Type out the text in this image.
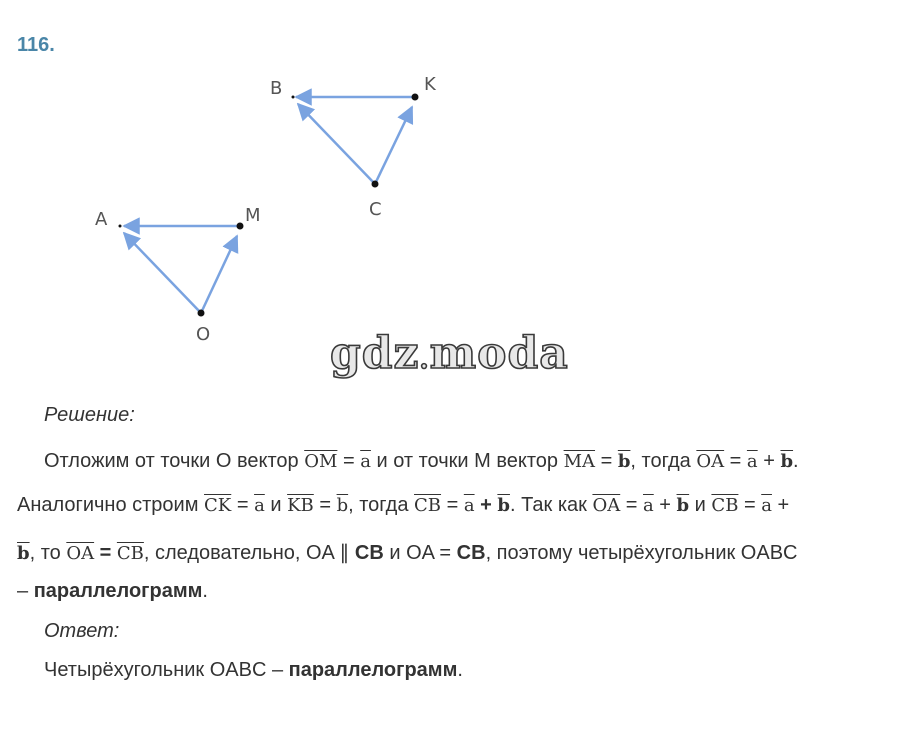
116.
B	K
C
A	M
O	gdz.moda
Решение:
Отложим от точки O вектор $\overline{OM} = \overline{a}$ и от точки M вектор $\overline{MA} = \overline{b}$, тогда $\overline{OA} = \overline{a} + \overline{b}$.
Аналогично строим $\overline{CK} = \overline{a}$ и $\overline{KB} = \overline{b}$, тогда $\overline{CB} = \overline{a} + \overline{b}$. Так как $\overline{OA} = \overline{a} + \overline{b}$ и $\overline{CB} = \overline{a}$ +
$\overline{b}$, то $\overline{OA} = \overline{CB}$, следовательно, OA ∥ CB и OA = CB, поэтому четырёхугольник OABC
– параллелограмм.
Ответ:
Четырёхугольник OABC – параллелограмм.
